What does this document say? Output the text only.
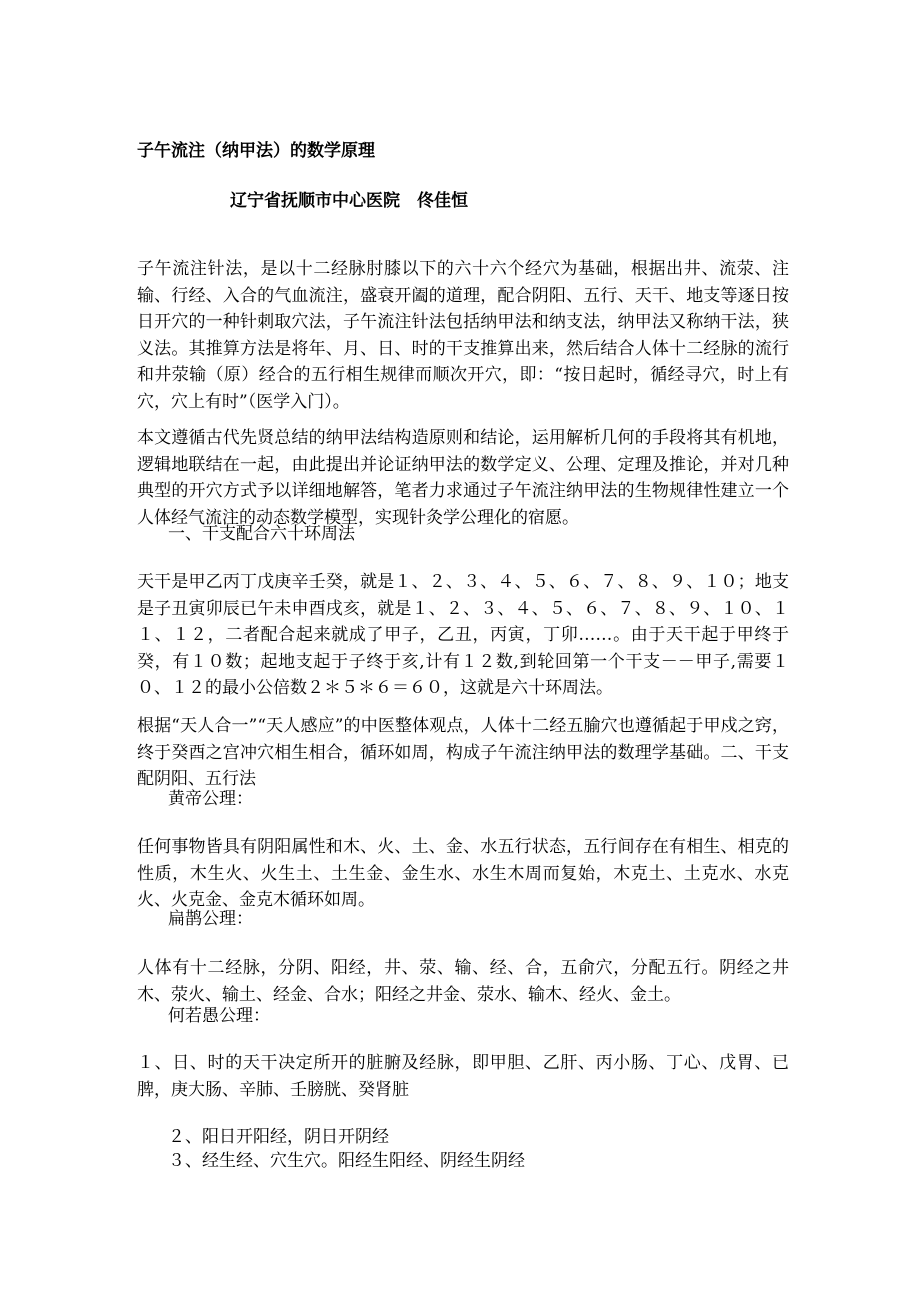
子午流注（纳甲法）的数学原理

辽宁省抚顺市中心医院　佟佳恒

子午流注针法，是以十二经脉肘膝以下的六十六个经穴为基础，根据出井、流荥、注输、行经、入合的气血流注，盛衰开阖的道理，配合阴阳、五行、天干、地支等逐日按日开穴的一种针刺取穴法，子午流注针法包括纳甲法和纳支法，纳甲法又称纳干法，狭义法。其推算方法是将年、月、日、时的干支推算出来，然后结合人体十二经脉的流行和井荥输（原）经合的五行相生规律而顺次开穴，即：“按日起时，循经寻穴，时上有穴，穴上有时”（医学入门）。

本文遵循古代先贤总结的纳甲法结构造原则和结论，运用解析几何的手段将其有机地，逻辑地联结在一起，由此提出并论证纳甲法的数学定义、公理、定理及推论，并对几种典型的开穴方式予以详细地解答，笔者力求通过子午流注纳甲法的生物规律性建立一个人体经气流注的动态数学模型，实现针灸学公理化的宿愿。

一、干支配合六十环周法

天干是甲乙丙丁戊庚辛壬癸，就是１、２、３、４、５、６、７、８、９、１０；地支是子丑寅卯辰已午未申酉戌亥，就是１、２、３、４、５、６、７、８、９、１０、１１、１２，二者配合起来就成了甲子，乙丑，丙寅，丁卯……。由于天干起于甲终于癸，有１０数；起地支起于子终于亥,计有１２数,到轮回第一个干支－－甲子,需要１０、１２的最小公倍数２＊５＊６＝６０，这就是六十环周法。

根据“天人合一”“天人感应”的中医整体观点，人体十二经五腧穴也遵循起于甲戍之窍，终于癸酉之宫冲穴相生相合，循环如周，构成子午流注纳甲法的数理学基础。二、干支配阴阳、五行法

黄帝公理：

任何事物皆具有阴阳属性和木、火、土、金、水五行状态，五行间存在有相生、相克的性质，木生火、火生土、土生金、金生水、水生木周而复始，木克土、土克水、水克火、火克金、金克木循环如周。

扁鹊公理：

人体有十二经脉，分阴、阳经，井、荥、输、经、合，五俞穴，分配五行。阴经之井木、荥火、输土、经金、合水；阳经之井金、荥水、输木、经火、金土。

何若愚公理：

１、日、时的天干决定所开的脏腑及经脉，即甲胆、乙肝、丙小肠、丁心、戊胃、已脾，庚大肠、辛肺、壬膀胱、癸肾脏

２、阳日开阳经，阴日开阴经

３、经生经、穴生穴。阳经生阳经、阴经生阴经
